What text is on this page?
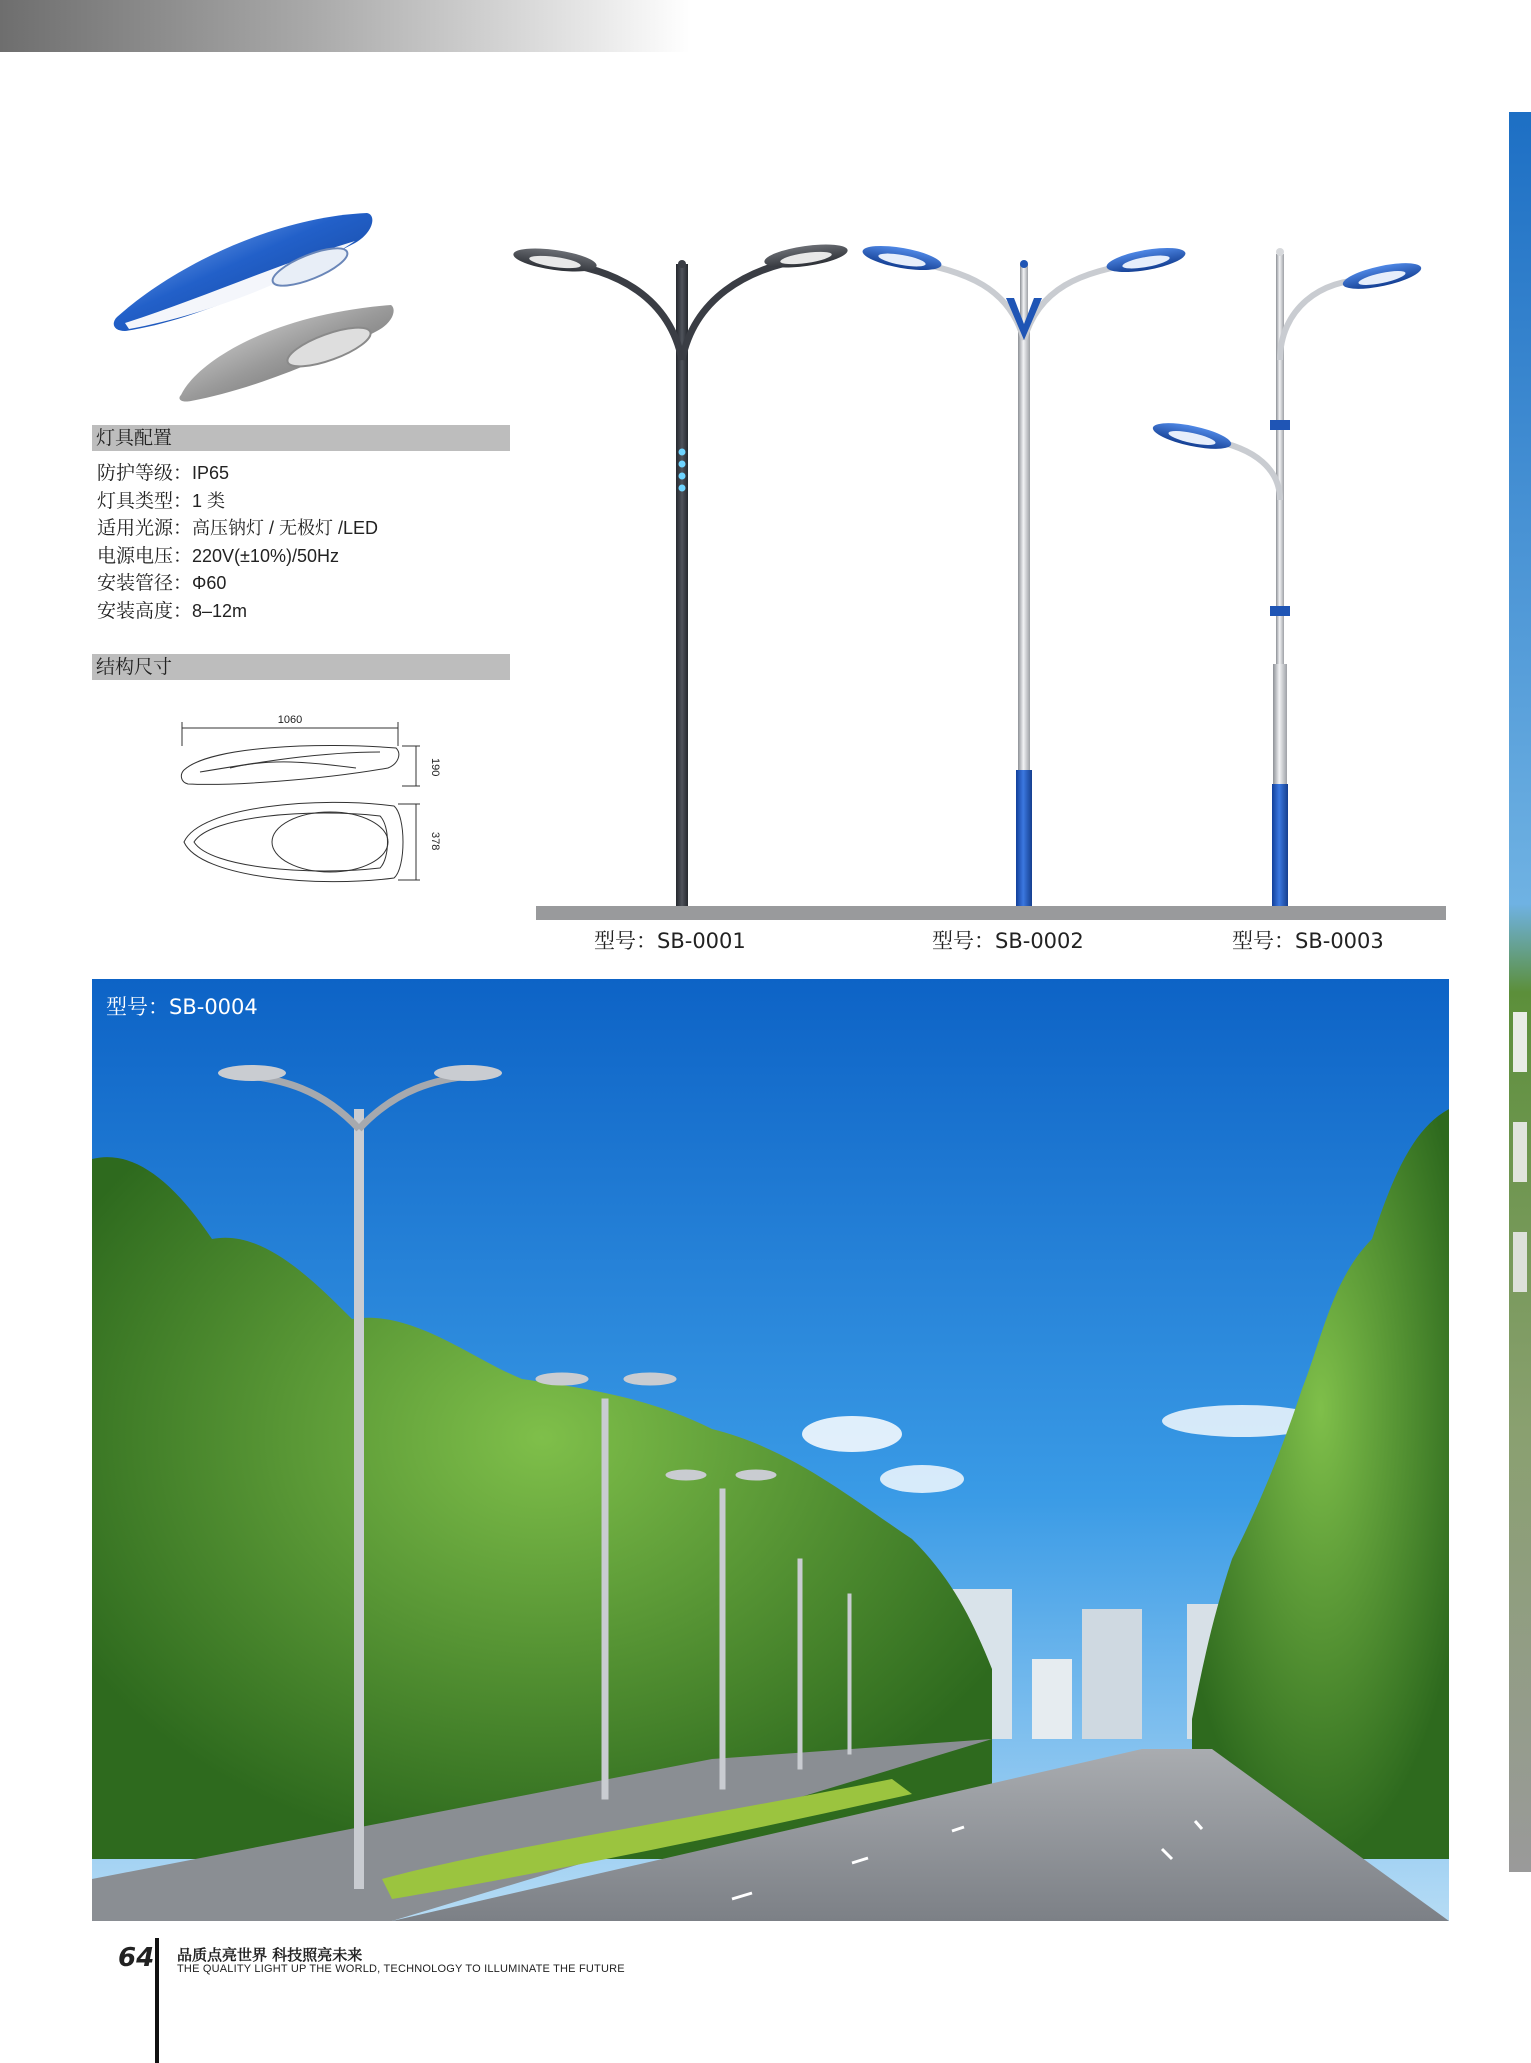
灯具配置
防护等级：IP65
灯具类型：1 类
适用光源：高压钠灯 / 无极灯 /LED
电源电压：220V(±10%)/50Hz
安装管径：Φ60
安装高度：8–12m
结构尺寸
1060
190
378
型号：SB-0001	型号：SB-0002	型号：SB-0003
型号：SB-0004
64 品质点亮世界 科技照亮未来
THE QUALITY LIGHT UP THE WORLD, TECHNOLOGY TO ILLUMINATE THE FUTURE
